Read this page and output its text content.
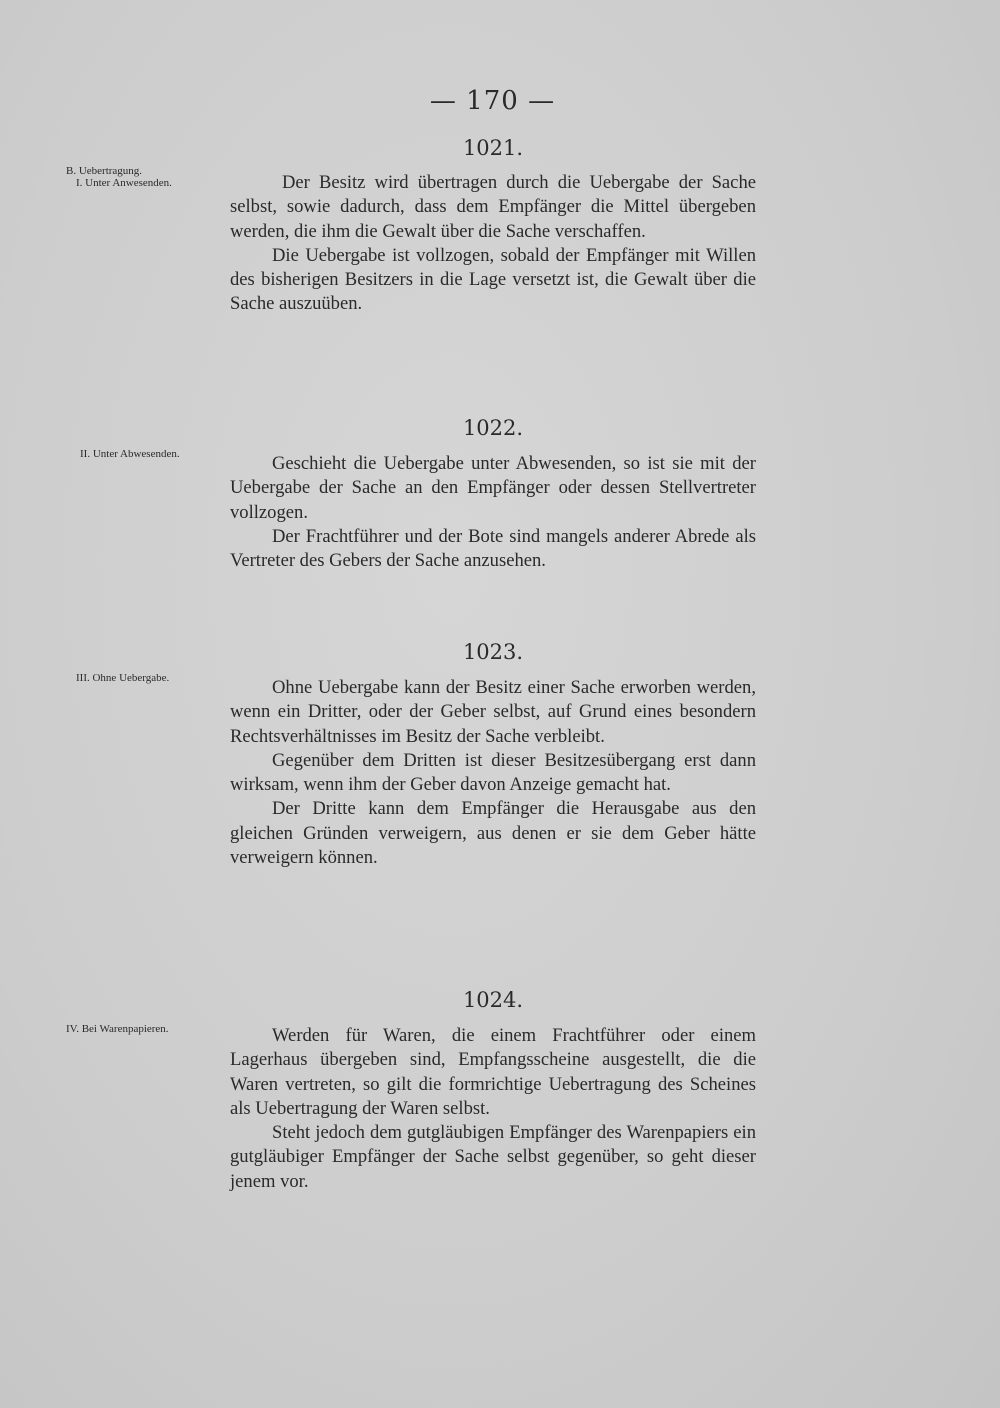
— 170 —
1021.
B. Uebertragung.
I. Unter Anwesenden.	Der Besitz wird übertragen durch die Uebergabe der Sache selbst, sowie dadurch, dass dem Empfänger die Mittel übergeben werden, die ihm die Gewalt über die Sache verschaffen.

Die Uebergabe ist vollzogen, sobald der Empfänger mit Willen des bisherigen Besitzers in die Lage versetzt ist, die Gewalt über die Sache auszuüben.

1022.
II. Unter Abwesenden.	Geschieht die Uebergabe unter Abwesenden, so ist sie mit der Uebergabe der Sache an den Empfänger oder dessen Stellvertreter vollzogen.

Der Frachtführer und der Bote sind mangels anderer Abrede als Vertreter des Gebers der Sache anzusehen.

1023.
III. Ohne Uebergabe.	Ohne Uebergabe kann der Besitz einer Sache erworben werden, wenn ein Dritter, oder der Geber selbst, auf Grund eines besondern Rechtsverhältnisses im Besitz der Sache verbleibt.

Gegenüber dem Dritten ist dieser Besitzesübergang erst dann wirksam, wenn ihm der Geber davon Anzeige gemacht hat.

Der Dritte kann dem Empfänger die Herausgabe aus den gleichen Gründen verweigern, aus denen er sie dem Geber hätte verweigern können.

1024.
IV. Bei Warenpapieren.	Werden für Waren, die einem Frachtführer oder einem Lagerhaus übergeben sind, Empfangsscheine ausgestellt, die die Waren vertreten, so gilt die formrichtige Uebertragung des Scheines als Uebertragung der Waren selbst.

Steht jedoch dem gutgläubigen Empfänger des Warenpapiers ein gutgläubiger Empfänger der Sache selbst gegenüber, so geht dieser jenem vor.
